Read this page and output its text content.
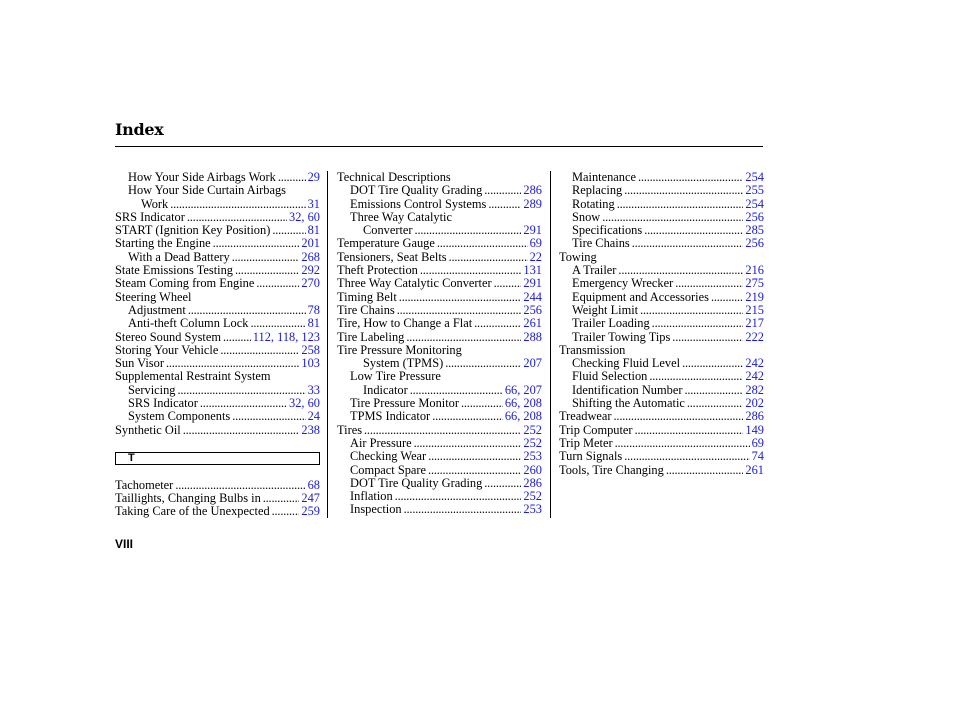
Index
How Your Side Airbags Work .....	29
How Your Side Curtain Airbags
Work .....	31
SRS Indicator .....	32, 60
START (Ignition Key Position) .....	81
Starting the Engine .....	201
With a Dead Battery .....	268
State Emissions Testing .....	292
Steam Coming from Engine .....	270
Steering Wheel
Adjustment .....	78
Anti-theft Column Lock .....	81
Stereo Sound System .....	112, 118, 123
Storing Your Vehicle .....	258
Sun Visor .....	103
Supplemental Restraint System
Servicing .....	33
SRS Indicator .....	32, 60
System Components .....	24
Synthetic Oil .....	238
T
Tachometer .....	68
Taillights, Changing Bulbs in .....	247
Taking Care of the Unexpected .....	259
Technical Descriptions
DOT Tire Quality Grading .....	286
Emissions Control Systems .....	289
Three Way Catalytic
Converter .....	291
Temperature Gauge .....	69
Tensioners, Seat Belts .....	22
Theft Protection .....	131
Three Way Catalytic Converter .....	291
Timing Belt .....	244
Tire Chains .....	256
Tire, How to Change a Flat .....	261
Tire Labeling .....	288
Tire Pressure Monitoring
System (TPMS) .....	207
Low Tire Pressure
Indicator .....	66, 207
Tire Pressure Monitor .....	66, 208
TPMS Indicator .....	66, 208
Tires .....	252
Air Pressure .....	252
Checking Wear .....	253
Compact Spare .....	260
DOT Tire Quality Grading .....	286
Inflation .....	252
Inspection .....	253
Maintenance .....	254
Replacing .....	255
Rotating .....	254
Snow .....	256
Specifications .....	285
Tire Chains .....	256
Towing
A Trailer .....	216
Emergency Wrecker .....	275
Equipment and Accessories .....	219
Weight Limit .....	215
Trailer Loading .....	217
Trailer Towing Tips .....	222
Transmission
Checking Fluid Level .....	242
Fluid Selection .....	242
Identification Number .....	282
Shifting the Automatic .....	202
Treadwear .....	286
Trip Computer .....	149
Trip Meter .....	69
Turn Signals .....	74
Tools, Tire Changing .....	261
VIII
